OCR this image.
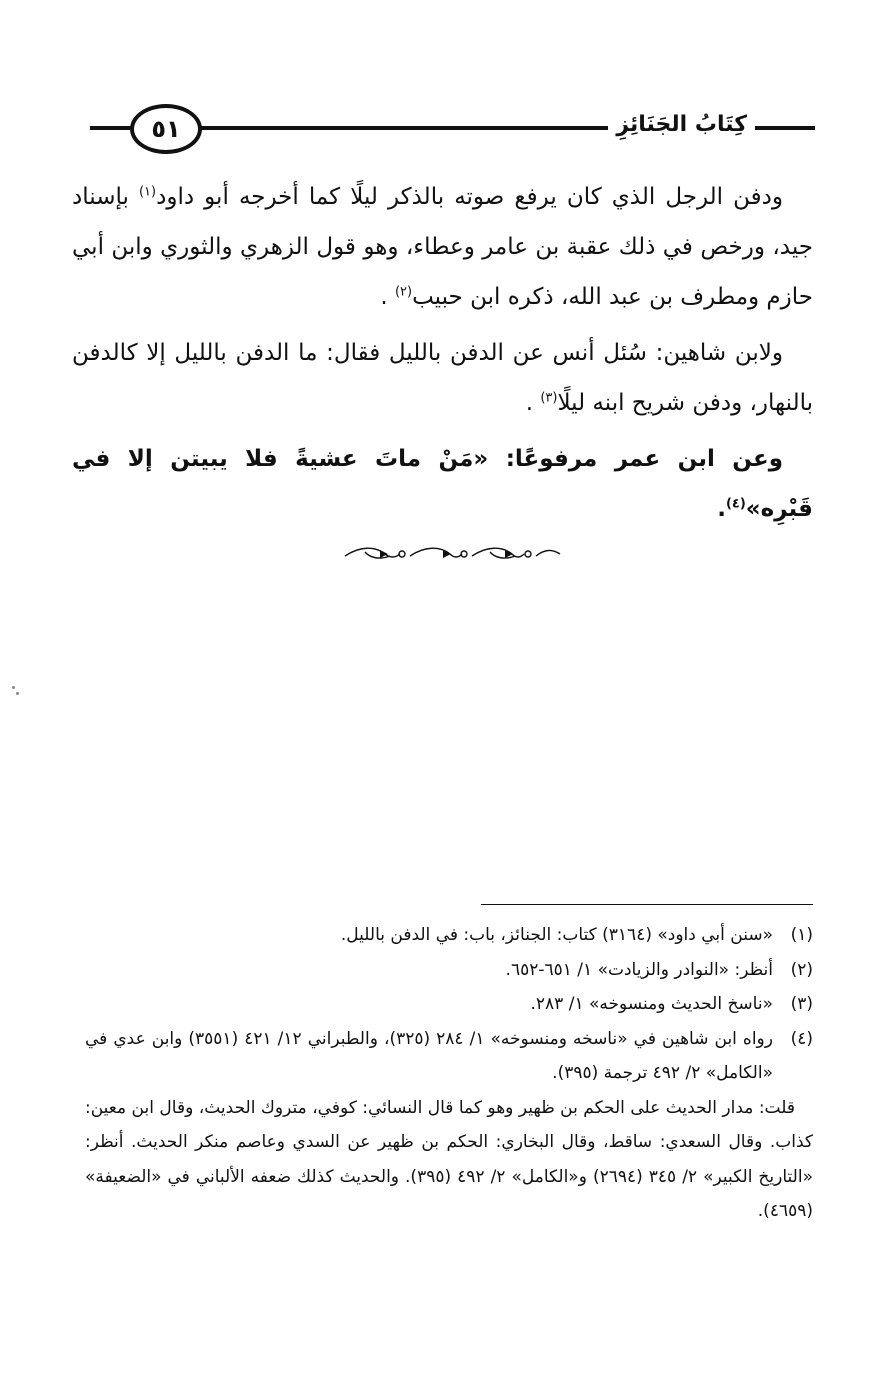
كِتَابُ الجَنَائِزِ
٥١

ودفن الرجل الذي كان يرفع صوته بالذكر ليلًا كما أخرجه أبو داود$^{(١)}$ بإسناد جيد، ورخص في ذلك عقبة بن عامر وعطاء، وهو قول الزهري والثوري وابن أبي حازم ومطرف بن عبد الله، ذكره ابن حبيب$^{(٢)}$ .

ولابن شاهين: سُئل أنس عن الدفن بالليل فقال: ما الدفن بالليل إلا كالدفن بالنهار، ودفن شريح ابنه ليلًا$^{(٣)}$ .

وعن ابن عمر مرفوعًا: «مَنْ ماتَ عشيةً فلا يبيتن إلا في قَبْرِه»$^{(٤)}$.

(١)
«سنن أبي داود» (٣١٦٤) كتاب: الجنائز، باب: في الدفن بالليل.
(٢)
أنظر: «النوادر والزيادت» ١/ ٦٥١-٦٥٢.
(٣)
«ناسخ الحديث ومنسوخه» ١/ ٢٨٣.
(٤)
رواه ابن شاهين في «ناسخه ومنسوخه» ١/ ٢٨٤ (٣٢٥)، والطبراني ١٢/ ٤٢١ (٣٥٥١) وابن عدي في «الكامل» ٢/ ٤٩٢ ترجمة (٣٩٥).
قلت: مدار الحديث على الحكم بن ظهير وهو كما قال النسائي: كوفي، متروك الحديث، وقال ابن معين: كذاب. وقال السعدي: ساقط، وقال البخاري: الحكم بن ظهير عن السدي وعاصم منكر الحديث. أنظر: «التاريخ الكبير» ٢/ ٣٤٥ (٢٦٩٤) و«الكامل» ٢/ ٤٩٢ (٣٩٥). والحديث كذلك ضعفه الألباني في «الضعيفة» (٤٦٥٩).
